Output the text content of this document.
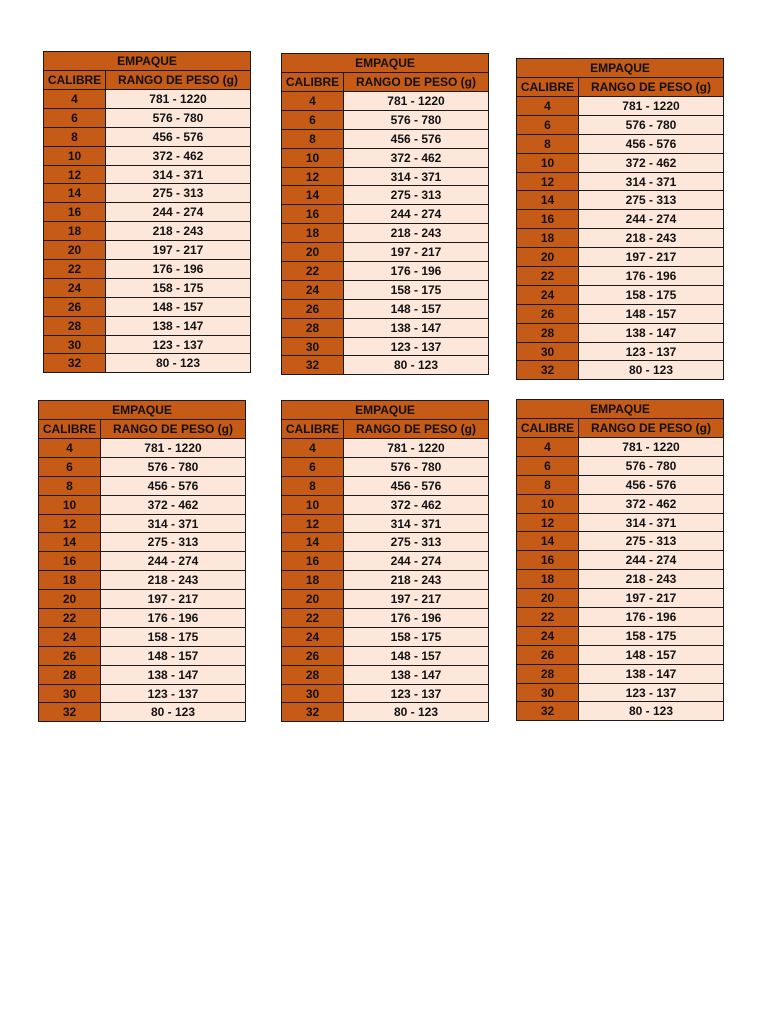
EMPAQUE	
CALIBRE	RANGO DE PESO (g)
4	781 - 1220
6	576 - 780
8	456 - 576
10	372 - 462
12	314 - 371
14	275 - 313
16	244 - 274
18	218 - 243
20	197 - 217
22	176 - 196
24	158 - 175
26	148 - 157
28	138 - 147
30	123 - 137
32	80 - 123
EMPAQUE	
CALIBRE	RANGO DE PESO (g)
4	781 - 1220
6	576 - 780
8	456 - 576
10	372 - 462
12	314 - 371
14	275 - 313
16	244 - 274
18	218 - 243
20	197 - 217
22	176 - 196
24	158 - 175
26	148 - 157
28	138 - 147
30	123 - 137
32	80 - 123
EMPAQUE	
CALIBRE	RANGO DE PESO (g)
4	781 - 1220
6	576 - 780
8	456 - 576
10	372 - 462
12	314 - 371
14	275 - 313
16	244 - 274
18	218 - 243
20	197 - 217
22	176 - 196
24	158 - 175
26	148 - 157
28	138 - 147
30	123 - 137
32	80 - 123
EMPAQUE	
CALIBRE	RANGO DE PESO (g)
4	781 - 1220
6	576 - 780
8	456 - 576
10	372 - 462
12	314 - 371
14	275 - 313
16	244 - 274
18	218 - 243
20	197 - 217
22	176 - 196
24	158 - 175
26	148 - 157
28	138 - 147
30	123 - 137
32	80 - 123
EMPAQUE	
CALIBRE	RANGO DE PESO (g)
4	781 - 1220
6	576 - 780
8	456 - 576
10	372 - 462
12	314 - 371
14	275 - 313
16	244 - 274
18	218 - 243
20	197 - 217
22	176 - 196
24	158 - 175
26	148 - 157
28	138 - 147
30	123 - 137
32	80 - 123
EMPAQUE	
CALIBRE	RANGO DE PESO (g)
4	781 - 1220
6	576 - 780
8	456 - 576
10	372 - 462
12	314 - 371
14	275 - 313
16	244 - 274
18	218 - 243
20	197 - 217
22	176 - 196
24	158 - 175
26	148 - 157
28	138 - 147
30	123 - 137
32	80 - 123
